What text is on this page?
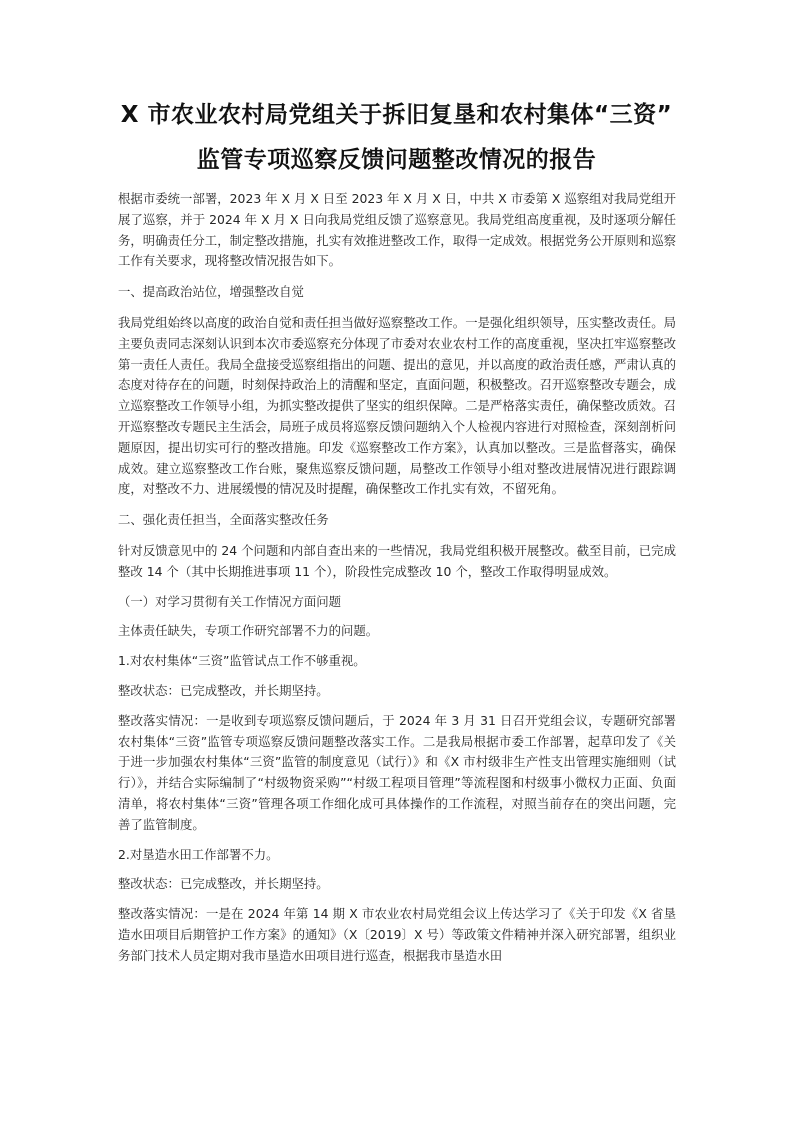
X 市农业农村局党组关于拆旧复垦和农村集体“三资”
监管专项巡察反馈问题整改情况的报告

根据市委统一部署，2023 年 X 月 X 日至 2023 年 X 月 X 日，中共 X 市委第 X 巡察组对我局党组开展了巡察，并于 2024 年 X 月 X 日向我局党组反馈了巡察意见。我局党组高度重视，及时逐项分解任务，明确责任分工，制定整改措施，扎实有效推进整改工作，取得一定成效。根据党务公开原则和巡察工作有关要求，现将整改情况报告如下。

一、提高政治站位，增强整改自觉

我局党组始终以高度的政治自觉和责任担当做好巡察整改工作。一是强化组织领导，压实整改责任。局主要负责同志深刻认识到本次市委巡察充分体现了市委对农业农村工作的高度重视，坚决扛牢巡察整改第一责任人责任。我局全盘接受巡察组指出的问题、提出的意见，并以高度的政治责任感，严肃认真的态度对待存在的问题，时刻保持政治上的清醒和坚定，直面问题，积极整改。召开巡察整改专题会，成立巡察整改工作领导小组，为抓实整改提供了坚实的组织保障。二是严格落实责任，确保整改质效。召开巡察整改专题民主生活会，局班子成员将巡察反馈问题纳入个人检视内容进行对照检查，深刻剖析问题原因，提出切实可行的整改措施。印发《巡察整改工作方案》，认真加以整改。三是监督落实，确保成效。建立巡察整改工作台账，聚焦巡察反馈问题，局整改工作领导小组对整改进展情况进行跟踪调度，对整改不力、进展缓慢的情况及时提醒，确保整改工作扎实有效，不留死角。

二、强化责任担当，全面落实整改任务

针对反馈意见中的 24 个问题和内部自查出来的一些情况，我局党组积极开展整改。截至目前，已完成整改 14 个（其中长期推进事项 11 个），阶段性完成整改 10 个，整改工作取得明显成效。

（一）对学习贯彻有关工作情况方面问题

主体责任缺失，专项工作研究部署不力的问题。

1.对农村集体“三资”监管试点工作不够重视。

整改状态：已完成整改，并长期坚持。

整改落实情况：一是收到专项巡察反馈问题后，于 2024 年 3 月 31 日召开党组会议，专题研究部署农村集体“三资”监管专项巡察反馈问题整改落实工作。二是我局根据市委工作部署，起草印发了《关于进一步加强农村集体“三资”监管的制度意见（试行）》和《X 市村级非生产性支出管理实施细则（试行）》，并结合实际编制了“村级物资采购”“村级工程项目管理”等流程图和村级事小微权力正面、负面清单，将农村集体“三资”管理各项工作细化成可具体操作的工作流程，对照当前存在的突出问题，完善了监管制度。

2.对垦造水田工作部署不力。

整改状态：已完成整改，并长期坚持。

整改落实情况：一是在 2024 年第 14 期 X 市农业农村局党组会议上传达学习了《关于印发《X 省垦造水田项目后期管护工作方案》的通知》（X〔2019〕X 号）等政策文件精神并深入研究部署，组织业务部门技术人员定期对我市垦造水田项目进行巡查，根据我市垦造水田
